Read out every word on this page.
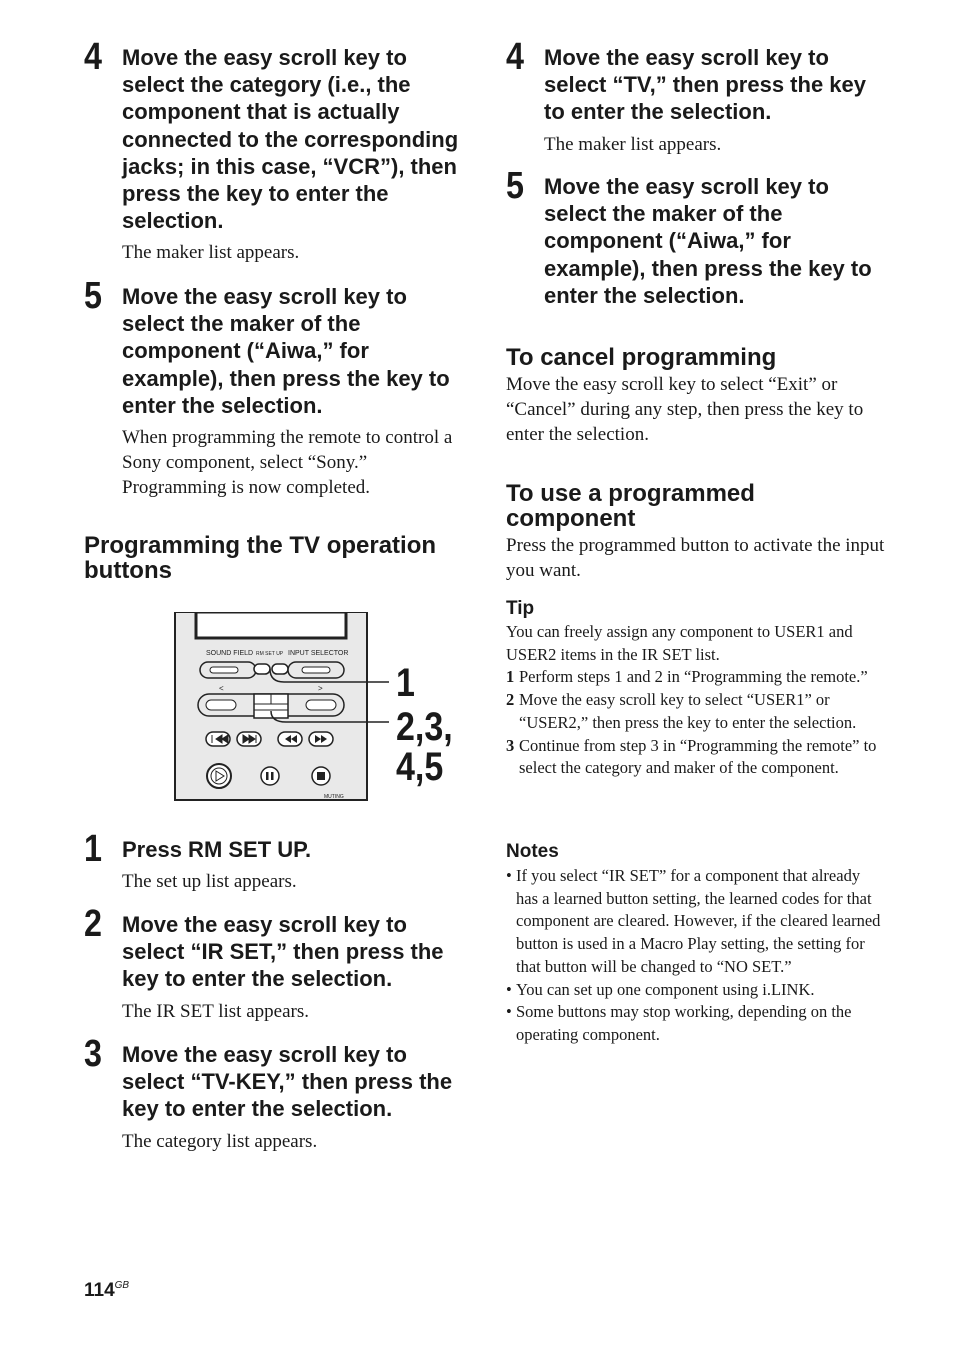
4 Move the easy scroll key to select the category (i.e., the component that is actually connected to the corresponding jacks; in this case, “VCR”), then press the key to enter the selection.

The maker list appears.
5 Move the easy scroll key to select the maker of the component (“Aiwa,” for example), then press the key to enter the selection.

When programming the remote to control a Sony component, select “Sony.” Programming is now completed.
Programming the TV operation buttons
SOUND FIELD RM SET UP INPUT SELECTOR
<	>
MUTING
1
2,3,
4,5
1 Press RM SET UP.

The set up list appears.
2 Move the easy scroll key to select “IR SET,” then press the key to enter the selection.

The IR SET list appears.
3 Move the easy scroll key to select “TV-KEY,” then press the key to enter the selection.

The category list appears.
4 Move the easy scroll key to select “TV,” then press the key to enter the selection.

The maker list appears.
5 Move the easy scroll key to select the maker of the component (“Aiwa,” for example), then press the key to enter the selection.

To cancel programming
Move the easy scroll key to select “Exit” or “Cancel” during any step, then press the key to enter the selection.
To use a programmed component
Press the programmed button to activate the input you want.
Tip
You can freely assign any component to USER1 and USER2 items in the IR SET list.
1 Perform steps 1 and 2 in “Programming the remote.”
2 Move the easy scroll key to select “USER1” or “USER2,” then press the key to enter the selection.
3 Continue from step 3 in “Programming the remote” to select the category and maker of the component.
Notes
• If you select “IR SET” for a component that already has a learned button setting, the learned codes for that component are cleared. However, if the cleared learned button is used in a Macro Play setting, the setting for that button will be changed to “NO SET.”
• You can set up one component using i.LINK.
• Some buttons may stop working, depending on the operating component.
$114^{GB}$
